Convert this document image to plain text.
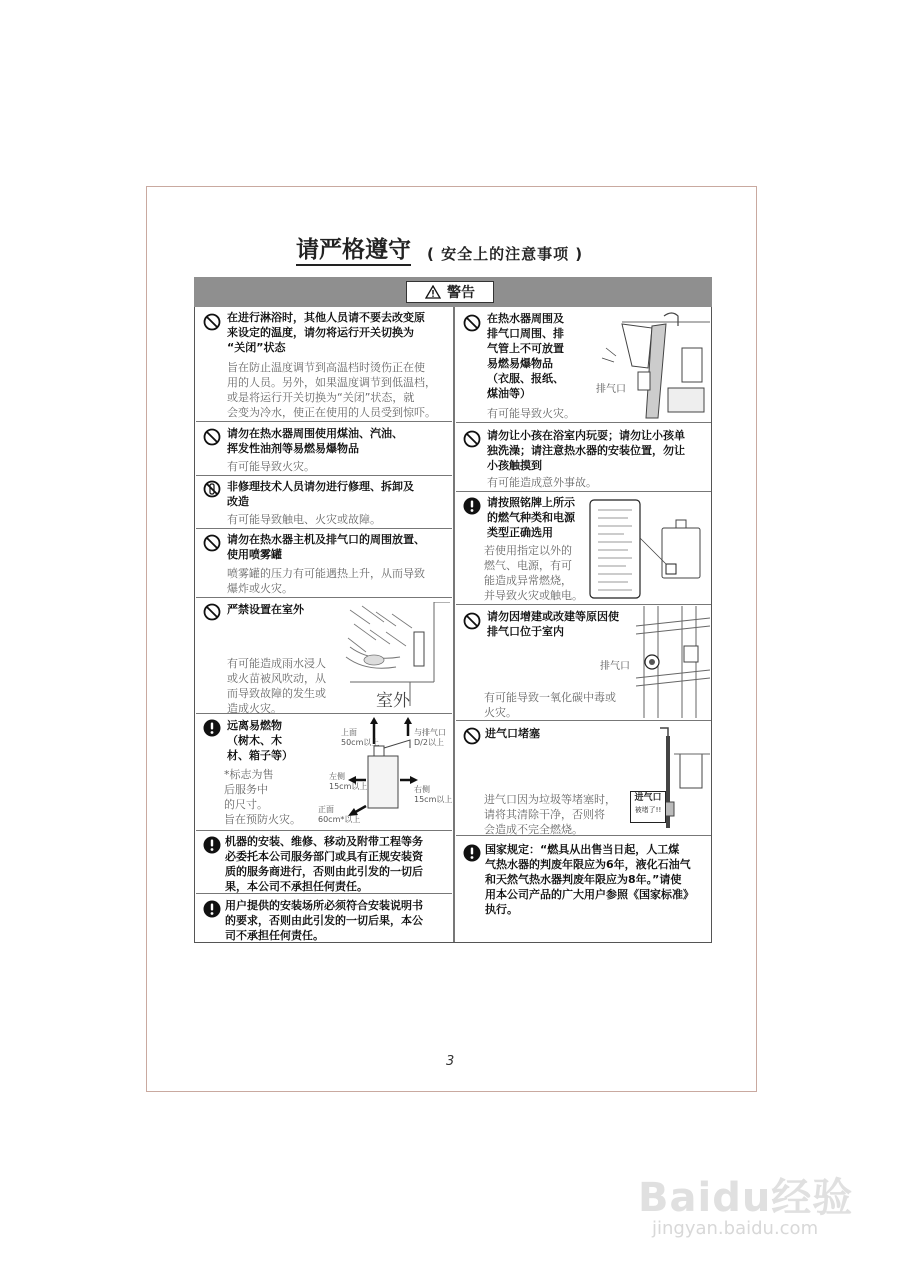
请严格遵守 ( 安全上的注意事项 )
警告
在进行淋浴时，其他人员请不要去改变原
来设定的温度，请勿将运行开关切换为
“关闭”状态
旨在防止温度调节到高温档时烫伤正在使
用的人员。另外，如果温度调节到低温档，
或是将运行开关切换为“关闭”状态，就
会变为冷水，使正在使用的人员受到惊吓。
请勿在热水器周围使用煤油、汽油、
挥发性油剂等易燃易爆物品
有可能导致火灾。
非修理技术人员请勿进行修理、拆卸及
改造
有可能导致触电、火灾或故障。
请勿在热水器主机及排气口的周围放置、
使用喷雾罐
喷雾罐的压力有可能遇热上升，从而导致
爆炸或火灾。
严禁设置在室外
有可能造成雨水浸人
或火苗被风吹动，从
而导致故障的发生或
造成火灾。	室外
远离易燃物
（树木、木
材、箱子等）
*标志为售
后服务中
的尺寸。
旨在预防火灾。
上面
50cm以上
与排气口
D/2以上
左侧
15cm以上	右侧
15cm以上
正面
60cm*以上
机器的安装、维修、移动及附带工程等务
必委托本公司服务部门或具有正规安装资
质的服务商进行，否则由此引发的一切后
果，本公司不承担任何责任。
用户提供的安装场所必须符合安装说明书
的要求，否则由此引发的一切后果，本公
司不承担任何责任。
在热水器周围及
排气口周围、排
气管上不可放置
易燃易爆物品
（衣服、报纸、
煤油等）
有可能导致火灾。
排气口
请勿让小孩在浴室内玩耍；请勿让小孩单
独洗澡；请注意热水器的安装位置，勿让
小孩触摸到
有可能造成意外事故。
请按照铭牌上所示
的燃气种类和电源
类型正确选用
若使用指定以外的
燃气、电源，有可
能造成异常燃烧，
并导致火灾或触电。
请勿因增建或改建等原因使
排气口位于室内
有可能导致一氧化碳中毒或
火灾。
排气口
进气口堵塞
进气口因为垃圾等堵塞时，
请将其清除干净，否则将
会造成不完全燃烧。
进气口
被堵了!!
国家规定：“燃具从出售当日起，人工煤
气热水器的判废年限应为6年，液化石油气
和天然气热水器判废年限应为8年。”请使
用本公司产品的广大用户参照《国家标准》
执行。
3
Baidu经验
jingyan.baidu.com
